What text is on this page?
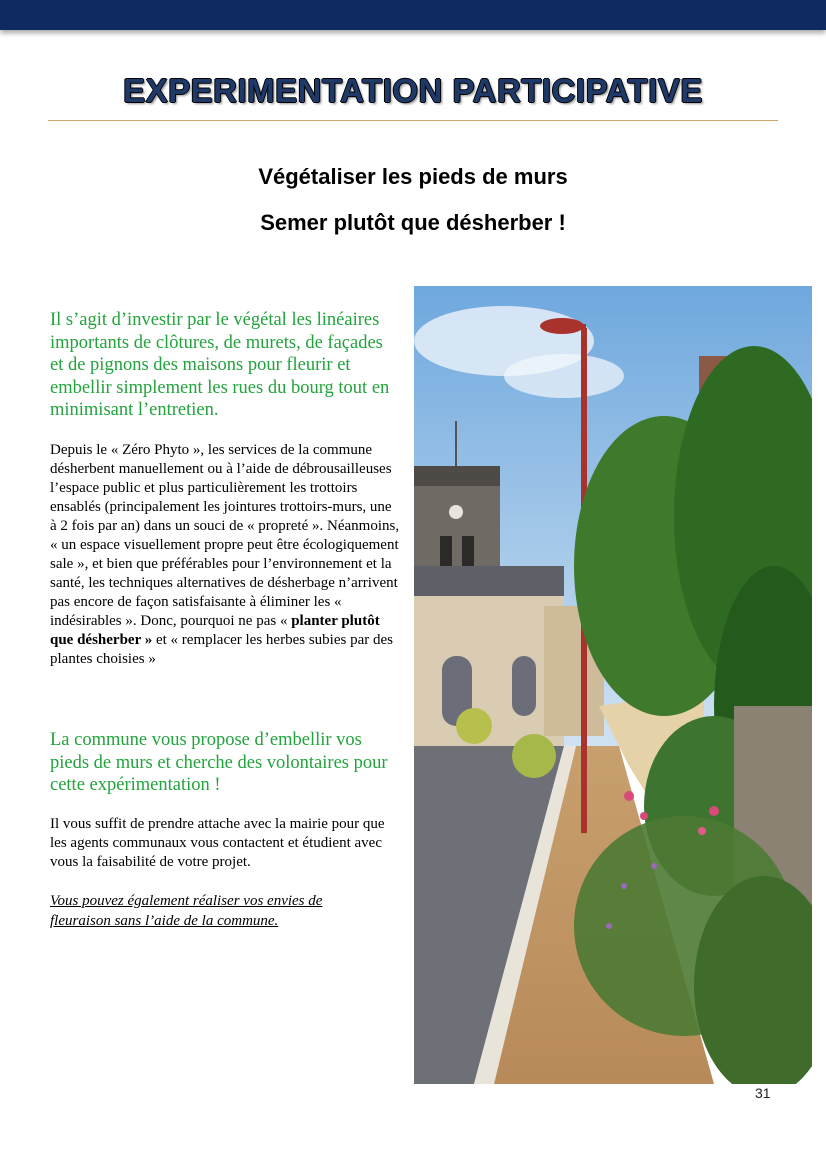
EXPERIMENTATION PARTICIPATIVE
Végétaliser les pieds de murs
Semer plutôt que désherber !

Il s’agit d’investir par le végétal les linéaires importants de clôtures, de murets, de façades et de pignons des maisons pour fleurir et embellir simplement les rues du bourg tout en minimisant l’entretien.

Depuis le « Zéro Phyto », les services de la commune désherbent manuellement ou à l’aide de débrousailleuses l’espace public et plus particulièrement les trottoirs ensablés (principalement les jointures trottoirs-murs, une à 2 fois par an) dans un souci de « propreté ». Néanmoins, « un espace visuellement propre peut être écologiquement sale », et bien que préférables pour l’environnement et la santé, les techniques alternatives de désherbage n’arrivent pas encore de façon satisfaisante à éliminer les « indésirables ». Donc, pourquoi ne pas « planter plutôt que désherber » et « remplacer les herbes subies par des plantes choisies »

La commune vous propose d’embellir vos pieds de murs et cherche des volontaires pour cette expérimentation !

Il vous suffit de prendre attache avec la mairie pour que les agents communaux vous contactent et étudient avec vous la faisabilité de votre projet.

Vous pouvez également réaliser vos envies de fleuraison sans l’aide de la commune.

31
